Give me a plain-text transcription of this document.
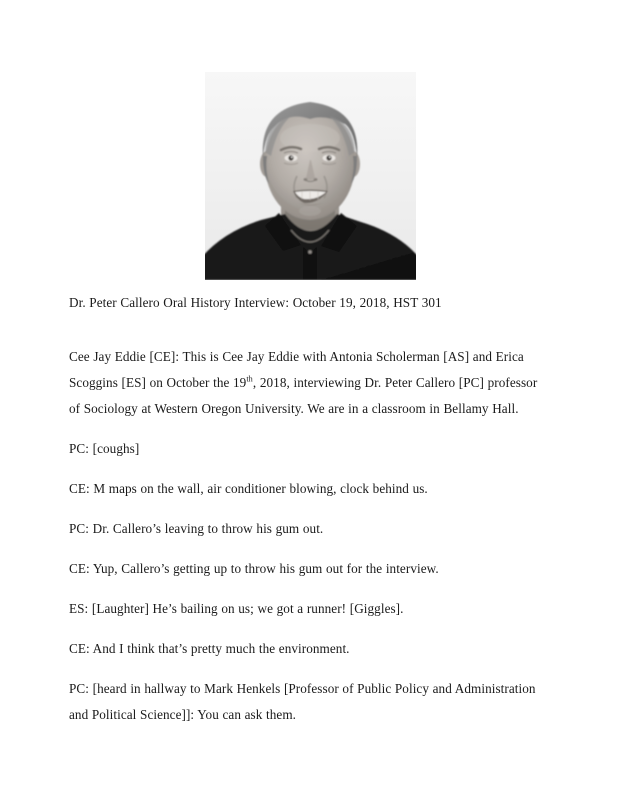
Dr. Peter Callero Oral History Interview: October 19, 2018, HST 301

Cee Jay Eddie [CE]: This is Cee Jay Eddie with Antonia Scholerman [AS] and Erica Scoggins [ES] on October the 19th, 2018, interviewing Dr. Peter Callero [PC] professor of Sociology at Western Oregon University. We are in a classroom in Bellamy Hall.

PC: [coughs]

CE: M maps on the wall, air conditioner blowing, clock behind us.

PC: Dr. Callero’s leaving to throw his gum out.

CE: Yup, Callero’s getting up to throw his gum out for the interview.

ES: [Laughter] He’s bailing on us; we got a runner! [Giggles].

CE: And I think that’s pretty much the environment.

PC: [heard in hallway to Mark Henkels [Professor of Public Policy and Administration and Political Science]]: You can ask them.
